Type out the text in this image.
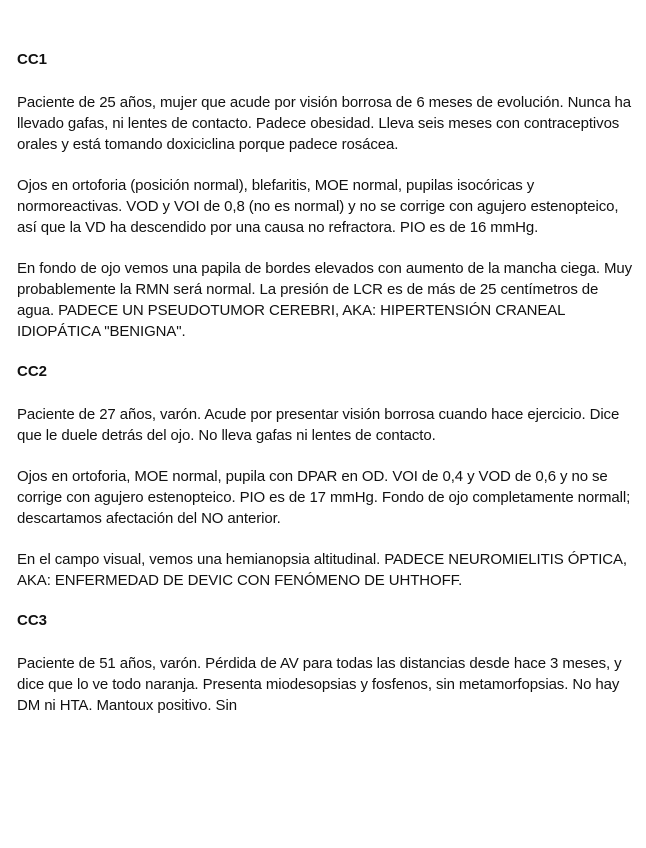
CC1

Paciente de 25 años, mujer que acude por visión borrosa de 6 meses de evolución. Nunca ha llevado gafas, ni lentes de contacto. Padece obesidad. Lleva seis meses con contraceptivos orales y está tomando doxiciclina porque padece rosácea.

Ojos en ortoforia (posición normal), blefaritis, MOE normal, pupilas isocóricas y normoreactivas. VOD y VOI de 0,8 (no es normal) y no se corrige con agujero estenopteico, así que la VD ha descendido por una causa no refractora. PIO es de 16 mmHg.

En fondo de ojo vemos una papila de bordes elevados con aumento de la mancha ciega. Muy probablemente la RMN será normal. La presión de LCR es de más de 25 centímetros de agua. PADECE UN PSEUDOTUMOR CEREBRI, AKA: HIPERTENSIÓN CRANEAL IDIOPÁTICA "BENIGNA".

CC2

Paciente de 27 años, varón. Acude por presentar visión borrosa cuando hace ejercicio. Dice que le duele detrás del ojo. No lleva gafas ni lentes de contacto.

Ojos en ortoforia, MOE normal, pupila con DPAR en OD. VOI de 0,4 y VOD de 0,6 y no se corrige con agujero estenopteico. PIO es de 17 mmHg. Fondo de ojo completamente normall; descartamos afectación del NO anterior.

En el campo visual, vemos una hemianopsia altitudinal. PADECE NEUROMIELITIS ÓPTICA, AKA: ENFERMEDAD DE DEVIC CON FENÓMENO DE UHTHOFF.

CC3

Paciente de 51 años, varón. Pérdida de AV para todas las distancias desde hace 3 meses, y dice que lo ve todo naranja. Presenta miodesopsias y fosfenos, sin metamorfopsias. No hay DM ni HTA. Mantoux positivo. Sin
